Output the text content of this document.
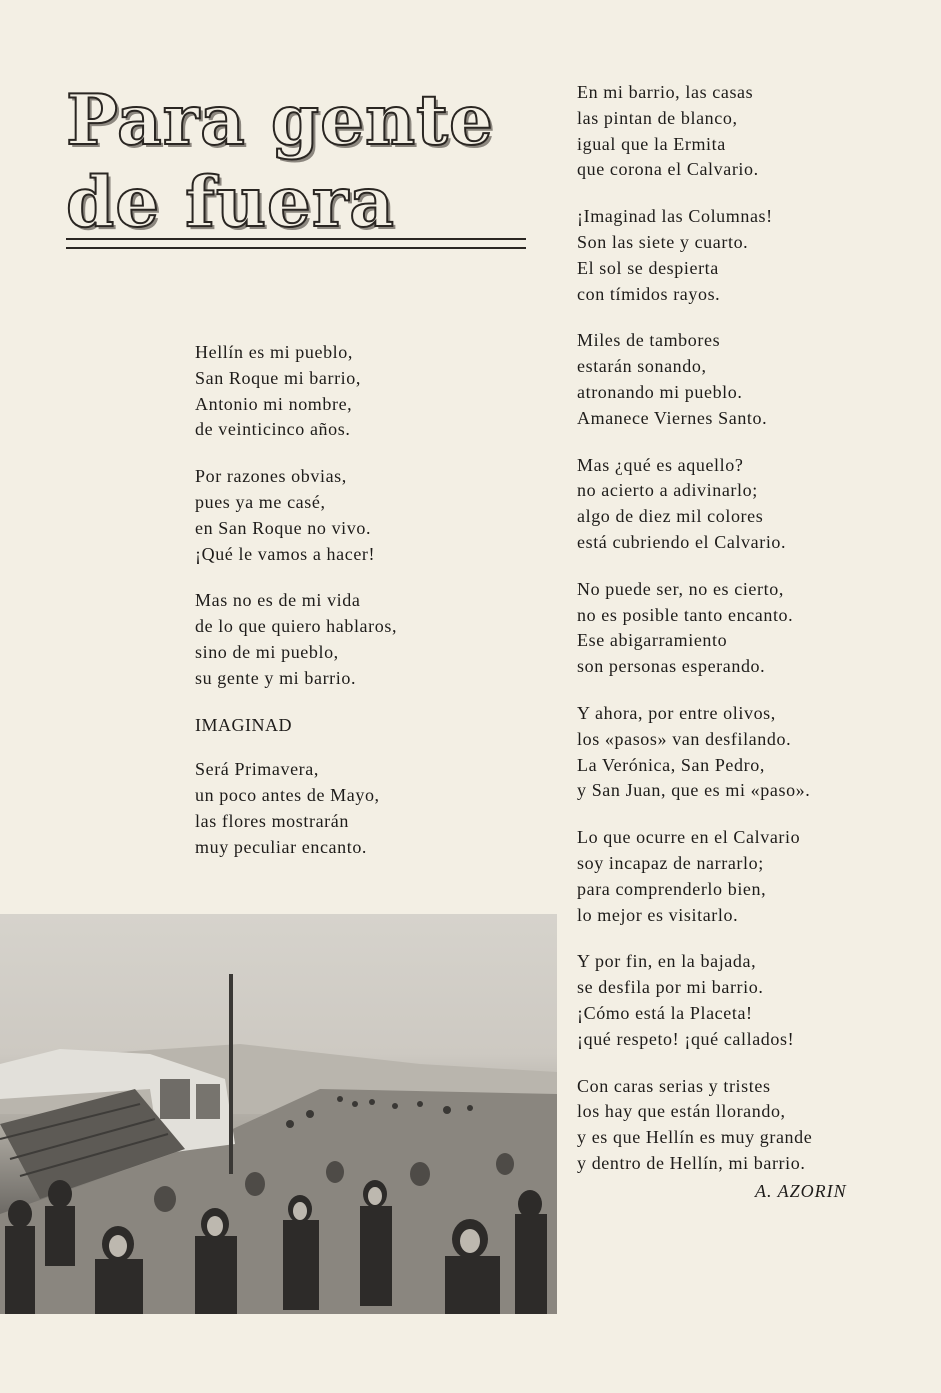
Para gente
de fuera
Hellín es mi pueblo,
San Roque mi barrio,
Antonio mi nombre,
de veinticinco años.
Por razones obvias,
pues ya me casé,
en San Roque no vivo.
¡Qué le vamos a hacer!
Mas no es de mi vida
de lo que quiero hablaros,
sino de mi pueblo,
su gente y mi barrio.
IMAGINAD
Será Primavera,
un poco antes de Mayo,
las flores mostrarán
muy peculiar encanto.
En mi barrio, las casas
las pintan de blanco,
igual que la Ermita
que corona el Calvario.
¡Imaginad las Columnas!
Son las siete y cuarto.
El sol se despierta
con tímidos rayos.
Miles de tambores
estarán sonando,
atronando mi pueblo.
Amanece Viernes Santo.
Mas ¿qué es aquello?
no acierto a adivinarlo;
algo de diez mil colores
está cubriendo el Calvario.
No puede ser, no es cierto,
no es posible tanto encanto.
Ese abigarramiento
son personas esperando.
Y ahora, por entre olivos,
los «pasos» van desfilando.
La Verónica, San Pedro,
y San Juan, que es mi «paso».
Lo que ocurre en el Calvario
soy incapaz de narrarlo;
para comprenderlo bien,
lo mejor es visitarlo.
Y por fin, en la bajada,
se desfila por mi barrio.
¡Cómo está la Placeta!
¡qué respeto! ¡qué callados!
Con caras serias y tristes
los hay que están llorando,
y es que Hellín es muy grande
y dentro de Hellín, mi barrio.
A. AZORIN
